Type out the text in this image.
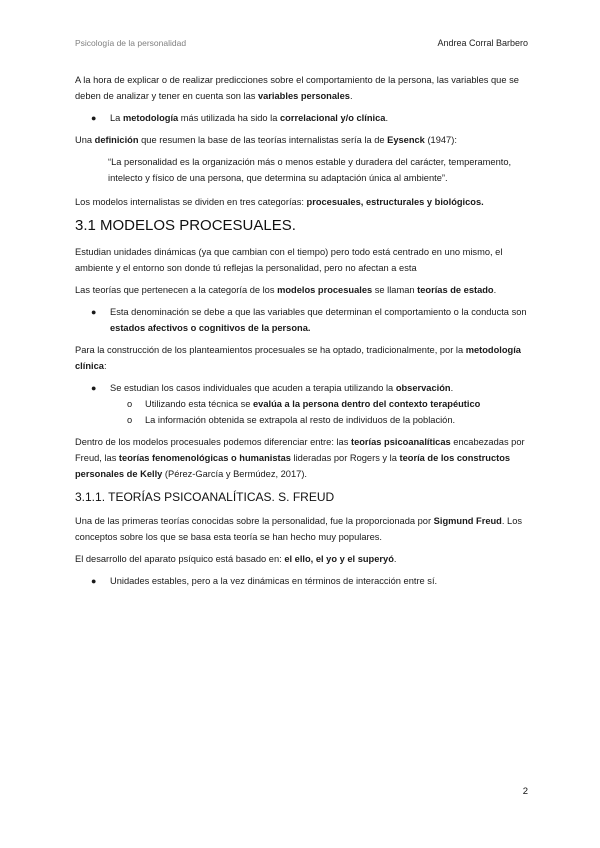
Psicología de la personalidad	Andrea Corral Barbero

A la hora de explicar o de realizar predicciones sobre el comportamiento de la persona, las variables que se deben de analizar y tener en cuenta son las variables personales.

● La metodología más utilizada ha sido la correlacional y/o clínica.

Una definición que resumen la base de las teorías internalistas sería la de Eysenck (1947):

“La personalidad es la organización más o menos estable y duradera del carácter, temperamento, intelecto y físico de una persona, que determina su adaptación única al ambiente”.

Los modelos internalistas se dividen en tres categorías: procesuales, estructurales y biológicos.

3.1 MODELOS PROCESUALES.

Estudian unidades dinámicas (ya que cambian con el tiempo) pero todo está centrado en uno mismo, el ambiente y el entorno son donde tú reflejas la personalidad, pero no afectan a esta

Las teorías que pertenecen a la categoría de los modelos procesuales se llaman teorías de estado.

● Esta denominación se debe a que las variables que determinan el comportamiento o la conducta son estados afectivos o cognitivos de la persona.

Para la construcción de los planteamientos procesuales se ha optado, tradicionalmente, por la metodología clínica:

● Se estudian los casos individuales que acuden a terapia utilizando la observación.
o Utilizando esta técnica se evalúa a la persona dentro del contexto terapéutico
o La información obtenida se extrapola al resto de individuos de la población.

Dentro de los modelos procesuales podemos diferenciar entre: las teorías psicoanalíticas encabezadas por Freud, las teorías fenomenológicas o humanistas lideradas por Rogers y la teoría de los constructos personales de Kelly (Pérez-García y Bermúdez, 2017).

3.1.1. TEORÍAS PSICOANALÍTICAS. S. FREUD

Una de las primeras teorías conocidas sobre la personalidad, fue la proporcionada por Sigmund Freud. Los conceptos sobre los que se basa esta teoría se han hecho muy populares.

El desarrollo del aparato psíquico está basado en: el ello, el yo y el superyó.

● Unidades estables, pero a la vez dinámicas en términos de interacción entre sí.
2
